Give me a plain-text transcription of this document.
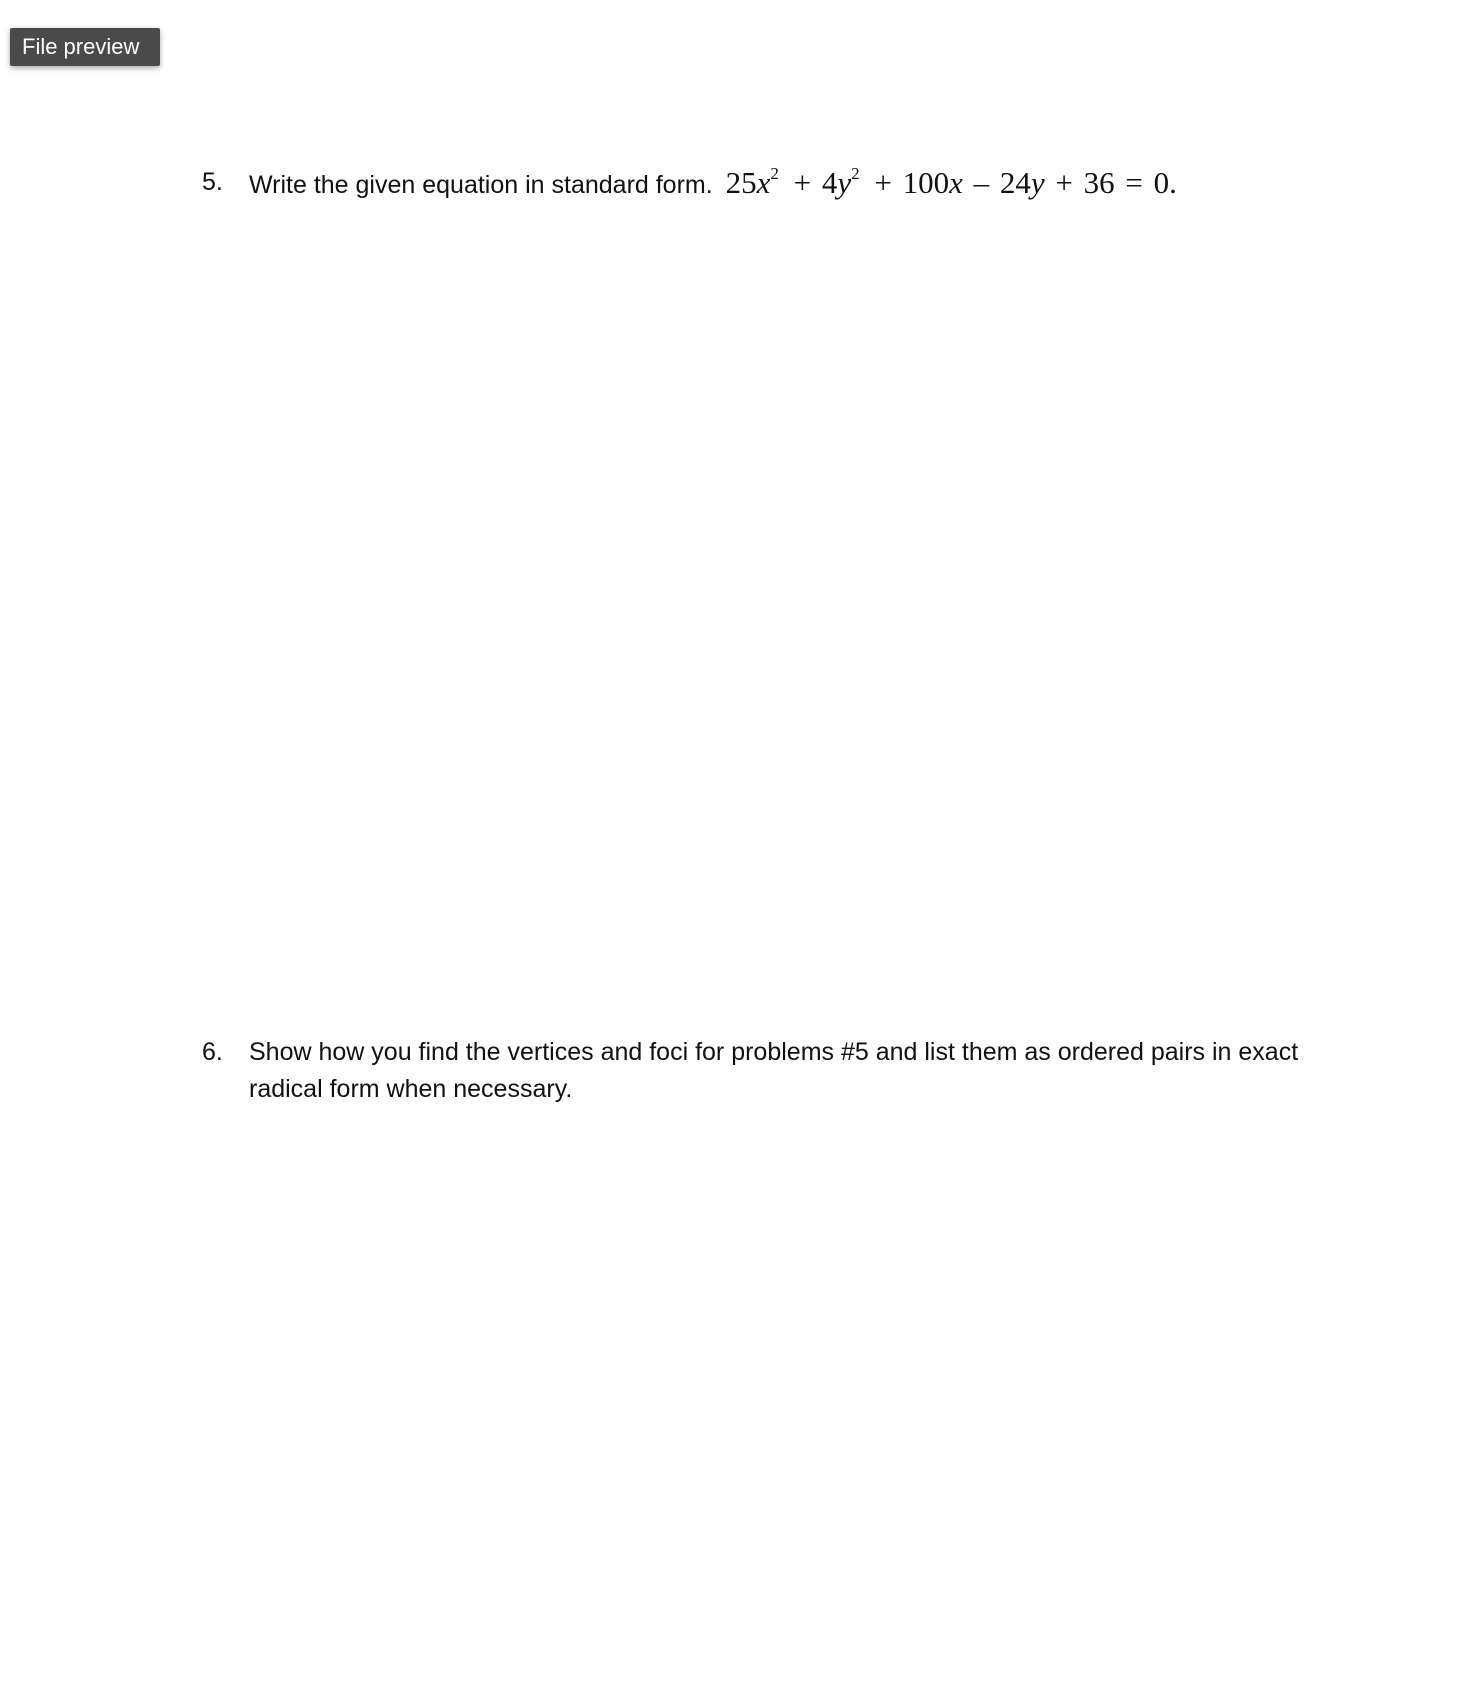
File preview
5. Write the given equation in standard form. $25x^2 + 4y^2 + 100x - 24y + 36 = 0$.
6. Show how you find the vertices and foci for problems #5 and list them as ordered pairs in exact radical form when necessary.
